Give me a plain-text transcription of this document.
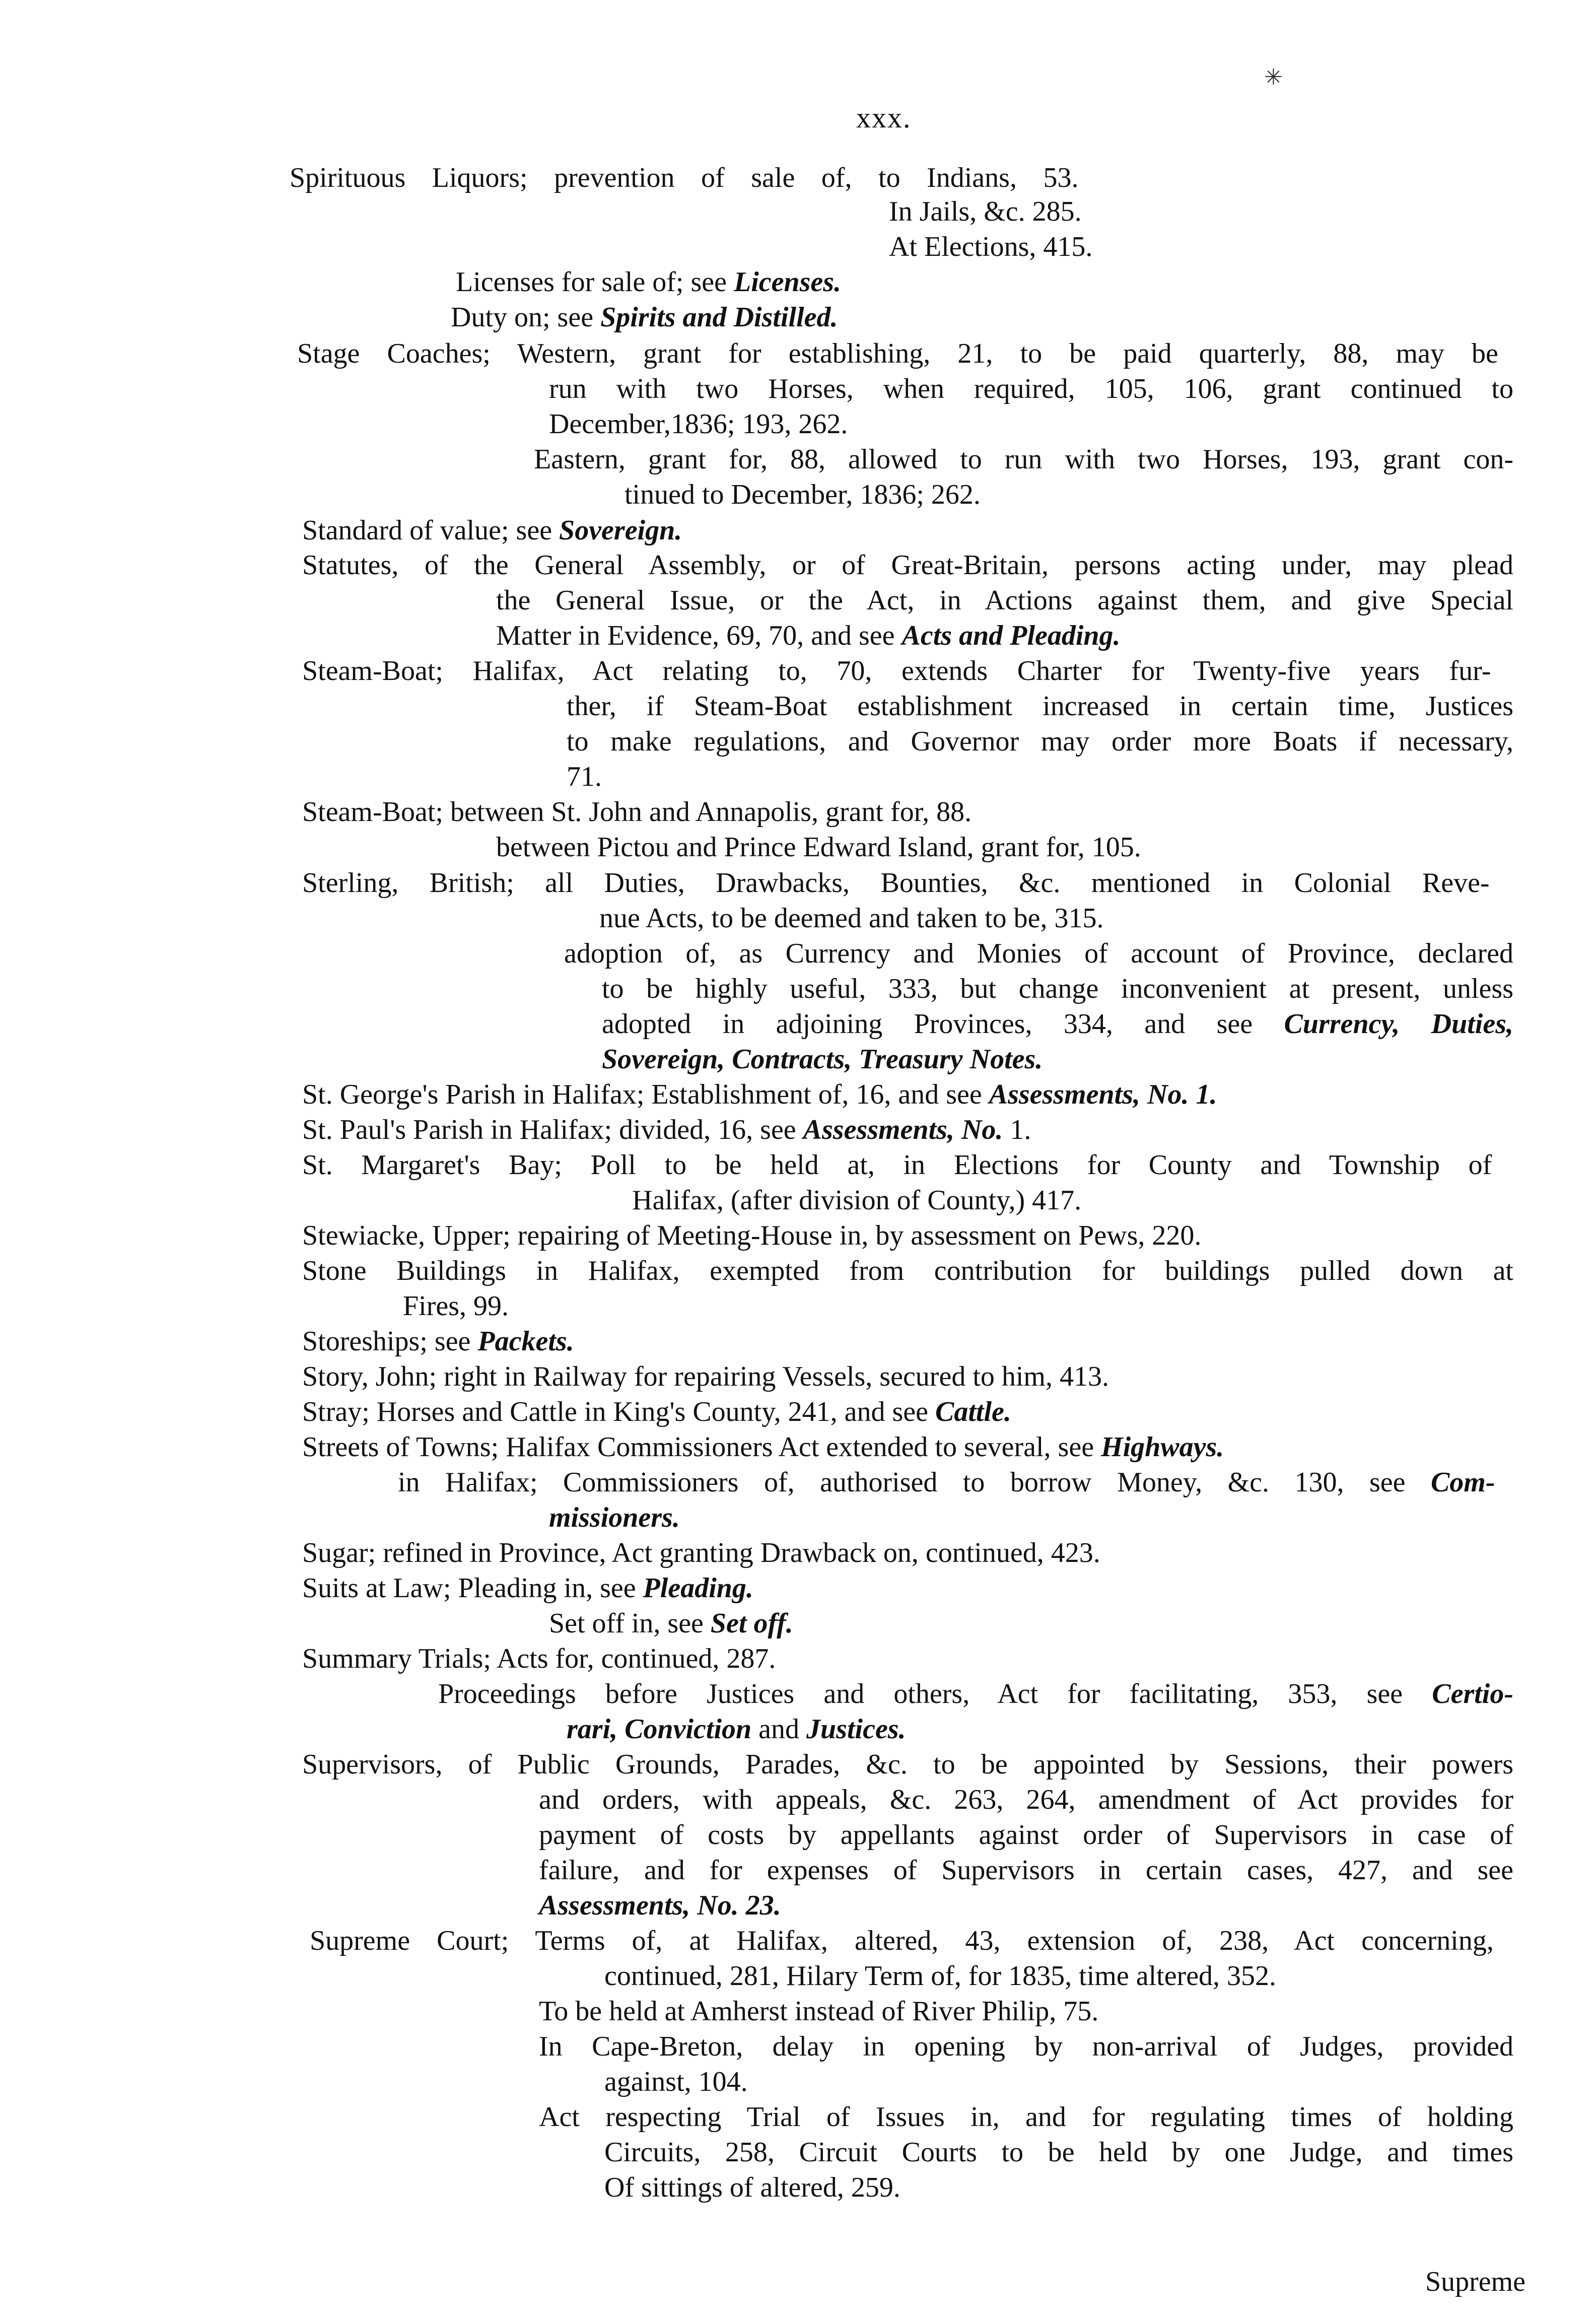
✳
xxx.
Spirituous Liquors; prevention of sale of, to Indians, 53.
In Jails, &c. 285.
At Elections, 415.
Licenses for sale of; see Licenses.
Duty on; see Spirits and Distilled.
Stage Coaches; Western, grant for establishing, 21, to be paid quarterly, 88, may be
run with two Horses, when required, 105, 106, grant continued to
December,1836; 193, 262.
Eastern, grant for, 88, allowed to run with two Horses, 193, grant con-
tinued to December, 1836; 262.
Standard of value; see Sovereign.
Statutes, of the General Assembly, or of Great-Britain, persons acting under, may plead
the General Issue, or the Act, in Actions against them, and give Special
Matter in Evidence, 69, 70, and see Acts and Pleading.
Steam-Boat; Halifax, Act relating to, 70, extends Charter for Twenty-five years fur-
ther, if Steam-Boat establishment increased in certain time, Justices
to make regulations, and Governor may order more Boats if necessary,
71.
Steam-Boat; between St. John and Annapolis, grant for, 88.
between Pictou and Prince Edward Island, grant for, 105.
Sterling, British; all Duties, Drawbacks, Bounties, &c. mentioned in Colonial Reve-
nue Acts, to be deemed and taken to be, 315.
adoption of, as Currency and Monies of account of Province, declared
to be highly useful, 333, but change inconvenient at present, unless
adopted in adjoining Provinces, 334, and see Currency, Duties,
Sovereign, Contracts, Treasury Notes.
St. George's Parish in Halifax; Establishment of, 16, and see Assessments, No. 1.
St. Paul's Parish in Halifax; divided, 16, see Assessments, No. 1.
St. Margaret's Bay; Poll to be held at, in Elections for County and Township of
Halifax, (after division of County,) 417.
Stewiacke, Upper; repairing of Meeting-House in, by assessment on Pews, 220.
Stone Buildings in Halifax, exempted from contribution for buildings pulled down at
Fires, 99.
Storeships; see Packets.
Story, John; right in Railway for repairing Vessels, secured to him, 413.
Stray; Horses and Cattle in King's County, 241, and see Cattle.
Streets of Towns; Halifax Commissioners Act extended to several, see Highways.
in Halifax; Commissioners of, authorised to borrow Money, &c. 130, see Com-
missioners.
Sugar; refined in Province, Act granting Drawback on, continued, 423.
Suits at Law; Pleading in, see Pleading.
Set off in, see Set off.
Summary Trials; Acts for, continued, 287.
Proceedings before Justices and others, Act for facilitating, 353, see Certio-
rari, Conviction and Justices.
Supervisors, of Public Grounds, Parades, &c. to be appointed by Sessions, their powers
and orders, with appeals, &c. 263, 264, amendment of Act provides for
payment of costs by appellants against order of Supervisors in case of
failure, and for expenses of Supervisors in certain cases, 427, and see
Assessments, No. 23.
Supreme Court; Terms of, at Halifax, altered, 43, extension of, 238, Act concerning,
continued, 281, Hilary Term of, for 1835, time altered, 352.
To be held at Amherst instead of River Philip, 75.
In Cape-Breton, delay in opening by non-arrival of Judges, provided
against, 104.
Act respecting Trial of Issues in, and for regulating times of holding
Circuits, 258, Circuit Courts to be held by one Judge, and times
Of sittings of altered, 259.
Supreme
